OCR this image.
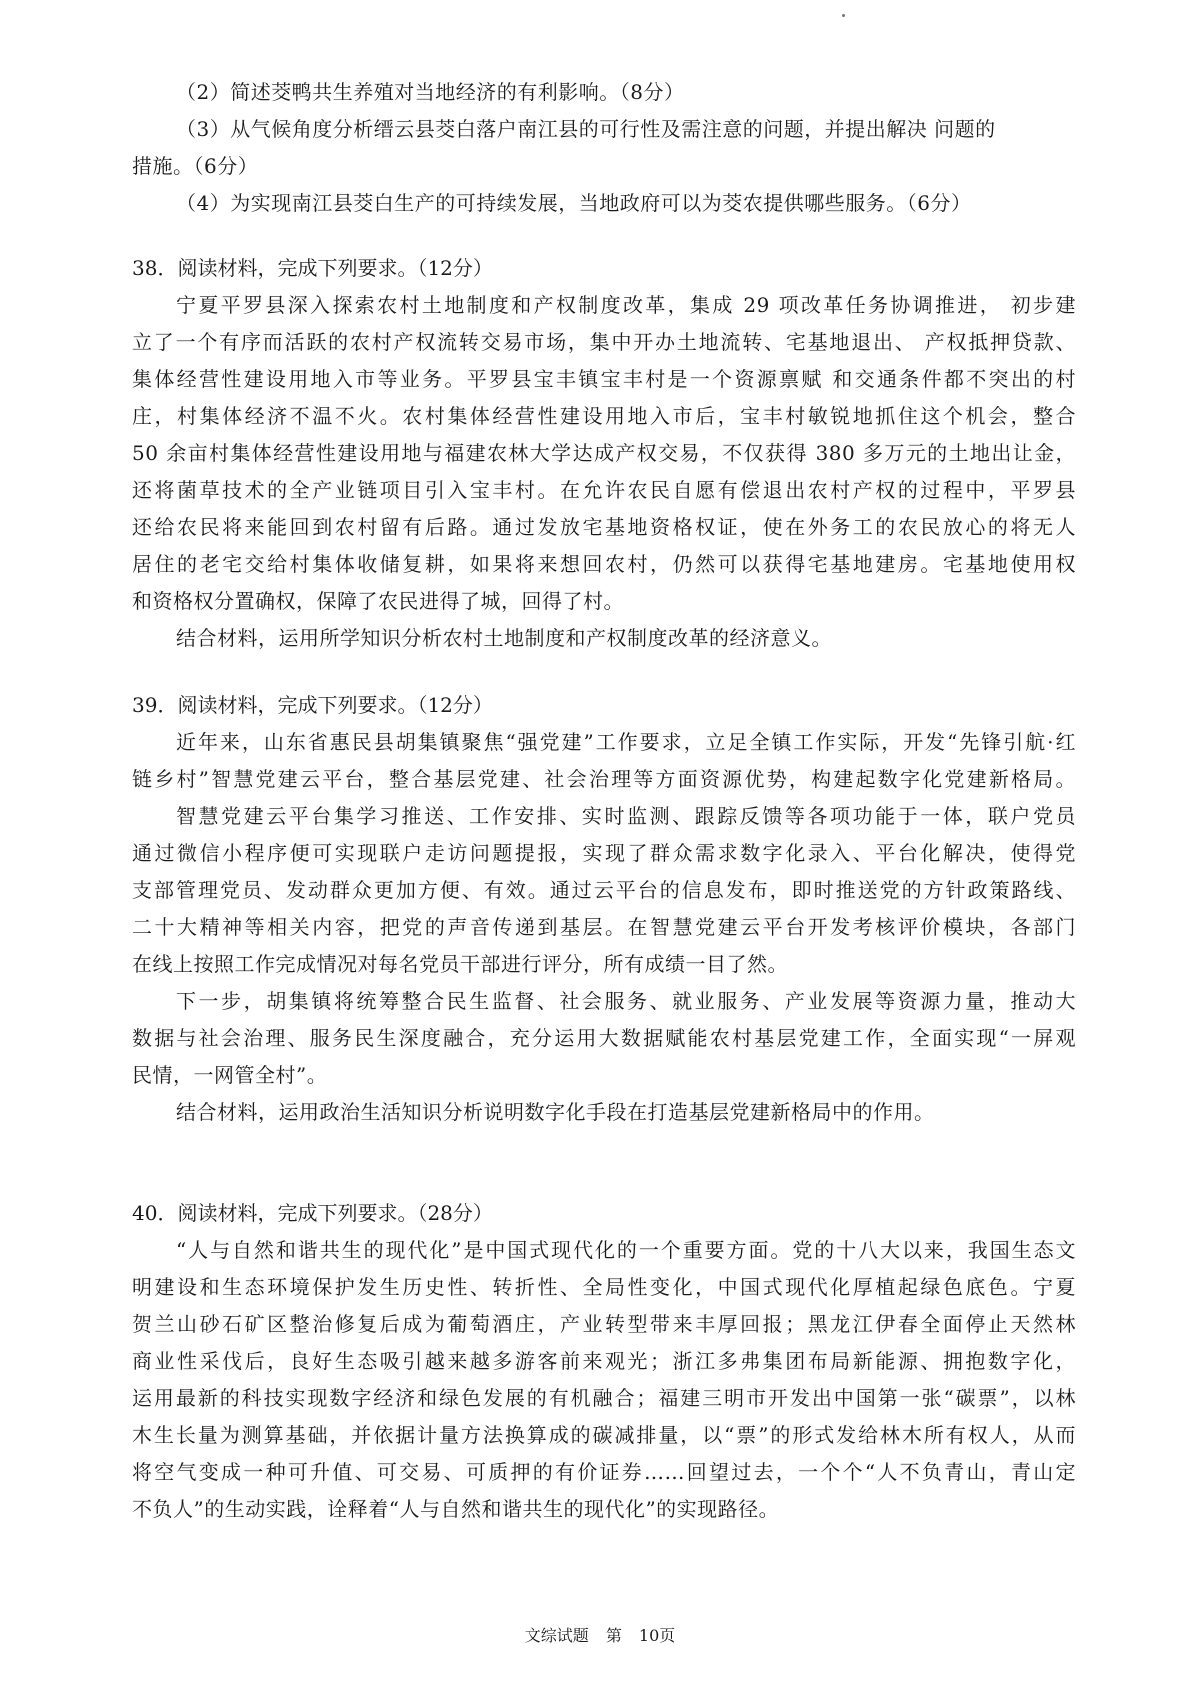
（2）简述茭鸭共生养殖对当地经济的有利影响。（8分）
（3）从气候角度分析缙云县茭白落户南江县的可行性及需注意的问题，并提出解决 问题的
措施。（6分）
（4）为实现南江县茭白生产的可持续发展，当地政府可以为茭农提供哪些服务。（6分）
38．阅读材料，完成下列要求。（12分）
宁夏平罗县深入探索农村土地制度和产权制度改革，集成 29 项改革任务协调推进， 初步建
立了一个有序而活跃的农村产权流转交易市场，集中开办土地流转、宅基地退出、 产权抵押贷款、
集体经营性建设用地入市等业务。平罗县宝丰镇宝丰村是一个资源禀赋 和交通条件都不突出的村
庄，村集体经济不温不火。农村集体经营性建设用地入市后，宝丰村敏锐地抓住这个机会，整合
50 余亩村集体经营性建设用地与福建农林大学达成产权交易，不仅获得 380 多万元的土地出让金，
还将菌草技术的全产业链项目引入宝丰村。在允许农民自愿有偿退出农村产权的过程中，平罗县
还给农民将来能回到农村留有后路。通过发放宅基地资格权证，使在外务工的农民放心的将无人
居住的老宅交给村集体收储复耕，如果将来想回农村，仍然可以获得宅基地建房。宅基地使用权
和资格权分置确权，保障了农民进得了城，回得了村。
结合材料，运用所学知识分析农村土地制度和产权制度改革的经济意义。
39．阅读材料，完成下列要求。（12分）
近年来，山东省惠民县胡集镇聚焦“强党建”工作要求，立足全镇工作实际，开发“先锋引航·红
链乡村”智慧党建云平台，整合基层党建、社会治理等方面资源优势，构建起数字化党建新格局。
智慧党建云平台集学习推送、工作安排、实时监测、跟踪反馈等各项功能于一体，联户党员
通过微信小程序便可实现联户走访问题提报，实现了群众需求数字化录入、平台化解决，使得党
支部管理党员、发动群众更加方便、有效。通过云平台的信息发布，即时推送党的方针政策路线、
二十大精神等相关内容，把党的声音传递到基层。在智慧党建云平台开发考核评价模块，各部门
在线上按照工作完成情况对每名党员干部进行评分，所有成绩一目了然。
下一步，胡集镇将统筹整合民生监督、社会服务、就业服务、产业发展等资源力量，推动大
数据与社会治理、服务民生深度融合，充分运用大数据赋能农村基层党建工作，全面实现“一屏观
民情，一网管全村”。
结合材料，运用政治生活知识分析说明数字化手段在打造基层党建新格局中的作用。
40．阅读材料，完成下列要求。（28分）
“人与自然和谐共生的现代化”是中国式现代化的一个重要方面。党的十八大以来，我国生态文
明建设和生态环境保护发生历史性、转折性、全局性变化，中国式现代化厚植起绿色底色。宁夏
贺兰山砂石矿区整治修复后成为葡萄酒庄，产业转型带来丰厚回报；黑龙江伊春全面停止天然林
商业性采伐后，良好生态吸引越来越多游客前来观光；浙江多弗集团布局新能源、拥抱数字化，
运用最新的科技实现数字经济和绿色发展的有机融合；福建三明市开发出中国第一张“碳票”，以林
木生长量为测算基础，并依据计量方法换算成的碳减排量，以“票”的形式发给林木所有权人，从而
将空气变成一种可升值、可交易、可质押的有价证券……回望过去，一个个“人不负青山，青山定
不负人”的生动实践，诠释着“人与自然和谐共生的现代化”的实现路径。
文综试题 第 10页
